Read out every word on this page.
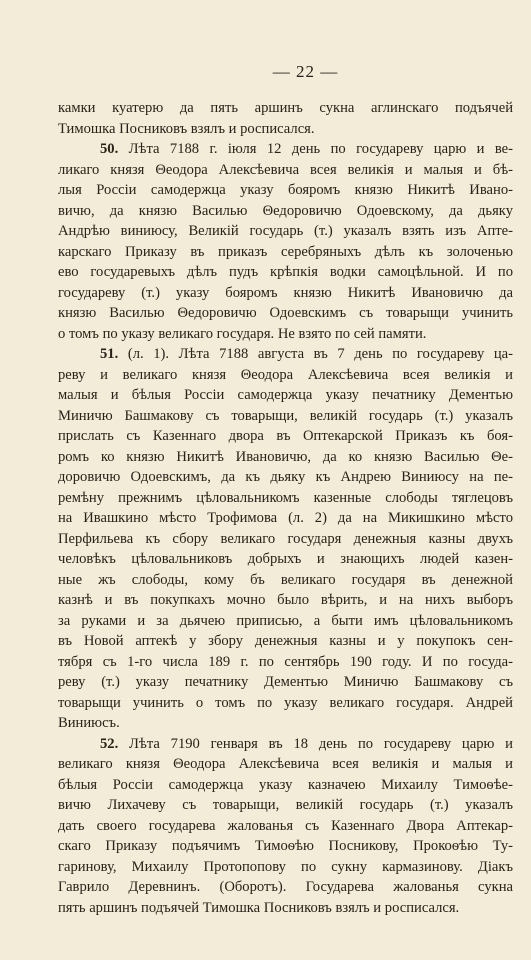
— 22 —
камки куатерю да пять аршинъ сукна аглинскаго подъячей
Тимошка Посниковъ взялъ и росписался.
50. Лѣта 7188 г. iюля 12 день по государеву царю и ве-
ликаго князя Θеодора Алексѣевича всея великiя и малыя и бѣ-
лыя Россiи самодержца указу бояромъ князю Никитѣ Ивано-
вичю, да князю Василью Θедоровичю Одоевскому, да дьяку
Андрѣю виниюсу, Великiй государь (т.) указалъ взять изъ Апте-
карскаго Приказу въ приказъ серебряныхъ дѣлъ къ золоченью
ево государевыхъ дѣлъ пудъ крѣпкiя водки самоцѣльной. И по
государеву (т.) указу бояромъ князю Никитѣ Ивановичю да
князю Василью Θедоровичю Одоевскимъ съ товарыщи учинить
о томъ по указу великаго государя. Не взято по сей памяти.
51. (л. 1). Лѣта 7188 августа въ 7 день по государеву ца-
реву и великаго князя Θеодора Алексѣевича всея великiя и
малыя и бѣлыя Россiи самодержца указу печатнику Дементью
Миничю Башмакову съ товарыщи, великiй государь (т.) указалъ
прислать съ Казеннаго двора въ Оптекарской Приказъ къ боя-
ромъ ко князю Никитѣ Ивановичю, да ко князю Василью Θе-
доровичю Одоевскимъ, да къ дьяку къ Андрею Виниюсу на пе-
ремѣну прежнимъ цѣловальникомъ казенные слободы тяглецовъ
на Ивашкино мѣсто Трофимова (л. 2) да на Микишкино мѣсто
Перфильева къ сбору великаго государя денежныя казны двухъ
человѣкъ цѣловальниковъ добрыхъ и знающихъ людей казен-
ные жъ слободы, кому бъ великаго государя въ денежной
казнѣ и въ покупкахъ мочно было вѣрить, и на нихъ выборъ
за руками и за дьячею приписью, а быти имъ цѣловальникомъ
въ Новой аптекѣ у збору денежныя казны и у покупокъ сен-
тября съ 1-го числа 189 г. по сентябрь 190 году. И по госуда-
реву (т.) указу печатнику Дементью Миничю Башмакову съ
товарыщи учинить о томъ по указу великаго государя. Андрей
Виниюсъ.
52. Лѣта 7190 генваря въ 18 день по государеву царю и
великаго князя Θеодора Алексѣевича всея великiя и малыя и
бѣлыя Россiи самодержца указу казначею Михаилу Тимоѳѣе-
вичю Лихачеву съ товарыщи, великiй государь (т.) указалъ
дать своего государева жалованья съ Казеннаго Двора Аптекар-
скаго Приказу подъячимъ Тимоѳѣю Посникову, Прокоѳѣю Ту-
гаринову, Михаилу Протопопову по сукну кармазинову. Дiакъ
Гаврило Деревнинъ. (Оборотъ). Государева жалованья сукна
пять аршинъ подъячей Тимошка Посниковъ взялъ и росписался.
